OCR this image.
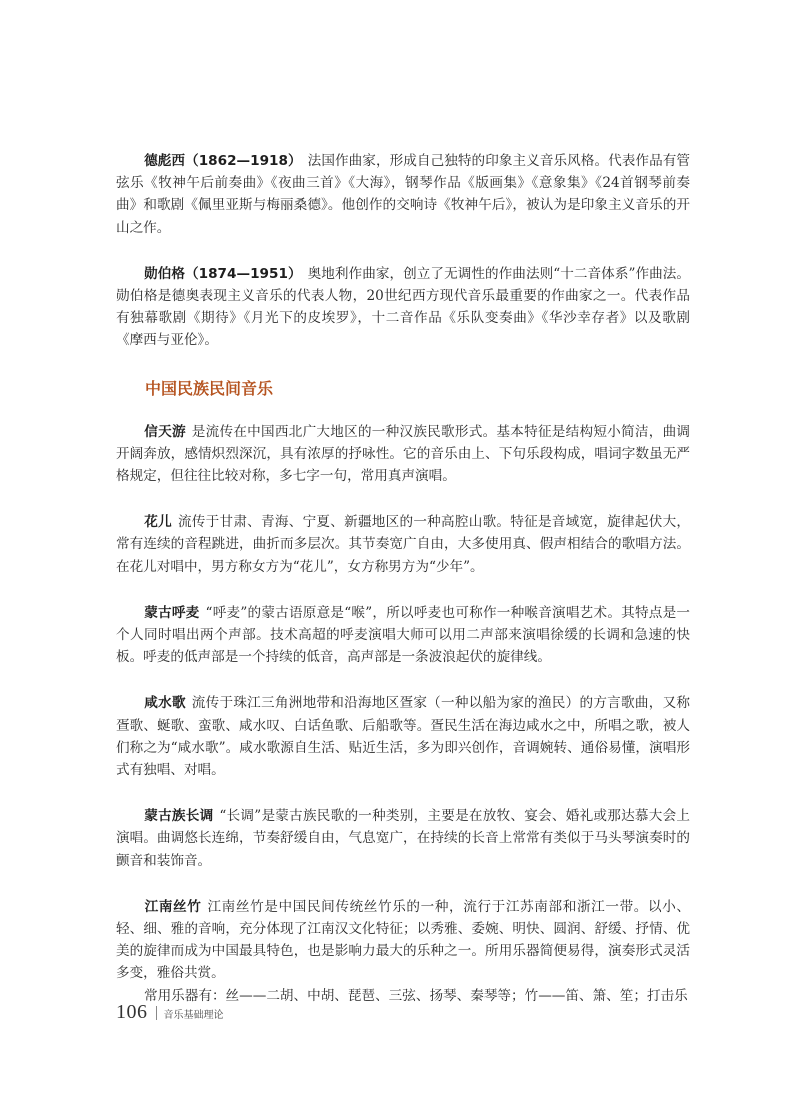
德彪西（1862—1918） 法国作曲家，形成自己独特的印象主义音乐风格。代表作品有管弦乐《牧神午后前奏曲》《夜曲三首》《大海》，钢琴作品《版画集》《意象集》《24首钢琴前奏曲》和歌剧《佩里亚斯与梅丽桑德》。他创作的交响诗《牧神午后》，被认为是印象主义音乐的开山之作。

勋伯格（1874—1951） 奥地利作曲家，创立了无调性的作曲法则“十二音体系”作曲法。勋伯格是德奥表现主义音乐的代表人物，20世纪西方现代音乐最重要的作曲家之一。代表作品有独幕歌剧《期待》《月光下的皮埃罗》，十二音作品《乐队变奏曲》《华沙幸存者》以及歌剧《摩西与亚伦》。

中国民族民间音乐

信天游 是流传在中国西北广大地区的一种汉族民歌形式。基本特征是结构短小简洁，曲调开阔奔放，感情炽烈深沉，具有浓厚的抒咏性。它的音乐由上、下句乐段构成，唱词字数虽无严格规定，但往往比较对称，多七字一句，常用真声演唱。

花儿 流传于甘肃、青海、宁夏、新疆地区的一种高腔山歌。特征是音域宽，旋律起伏大，常有连续的音程跳进，曲折而多层次。其节奏宽广自由，大多使用真、假声相结合的歌唱方法。在花儿对唱中，男方称女方为“花儿”，女方称男方为“少年”。

蒙古呼麦 “呼麦”的蒙古语原意是“喉”，所以呼麦也可称作一种喉音演唱艺术。其特点是一个人同时唱出两个声部。技术高超的呼麦演唱大师可以用二声部来演唱徐缓的长调和急速的快板。呼麦的低声部是一个持续的低音，高声部是一条波浪起伏的旋律线。

咸水歌 流传于珠江三角洲地带和沿海地区疍家（一种以船为家的渔民）的方言歌曲，又称疍歌、蜒歌、蛮歌、咸水叹、白话鱼歌、后船歌等。疍民生活在海边咸水之中，所唱之歌，被人们称之为“咸水歌”。咸水歌源自生活、贴近生活，多为即兴创作，音调婉转、通俗易懂，演唱形式有独唱、对唱。

蒙古族长调 “长调”是蒙古族民歌的一种类别，主要是在放牧、宴会、婚礼或那达慕大会上演唱。曲调悠长连绵，节奏舒缓自由，气息宽广，在持续的长音上常常有类似于马头琴演奏时的颤音和装饰音。

江南丝竹 江南丝竹是中国民间传统丝竹乐的一种，流行于江苏南部和浙江一带。以小、轻、细、雅的音响，充分体现了江南汉文化特征；以秀雅、委婉、明快、圆润、舒缓、抒情、优美的旋律而成为中国最具特色，也是影响力最大的乐种之一。所用乐器简便易得，演奏形式灵活多变，雅俗共赏。
常用乐器有：丝——二胡、中胡、琵琶、三弦、扬琴、秦琴等；竹——笛、箫、笙；打击乐

106 音乐基础理论
